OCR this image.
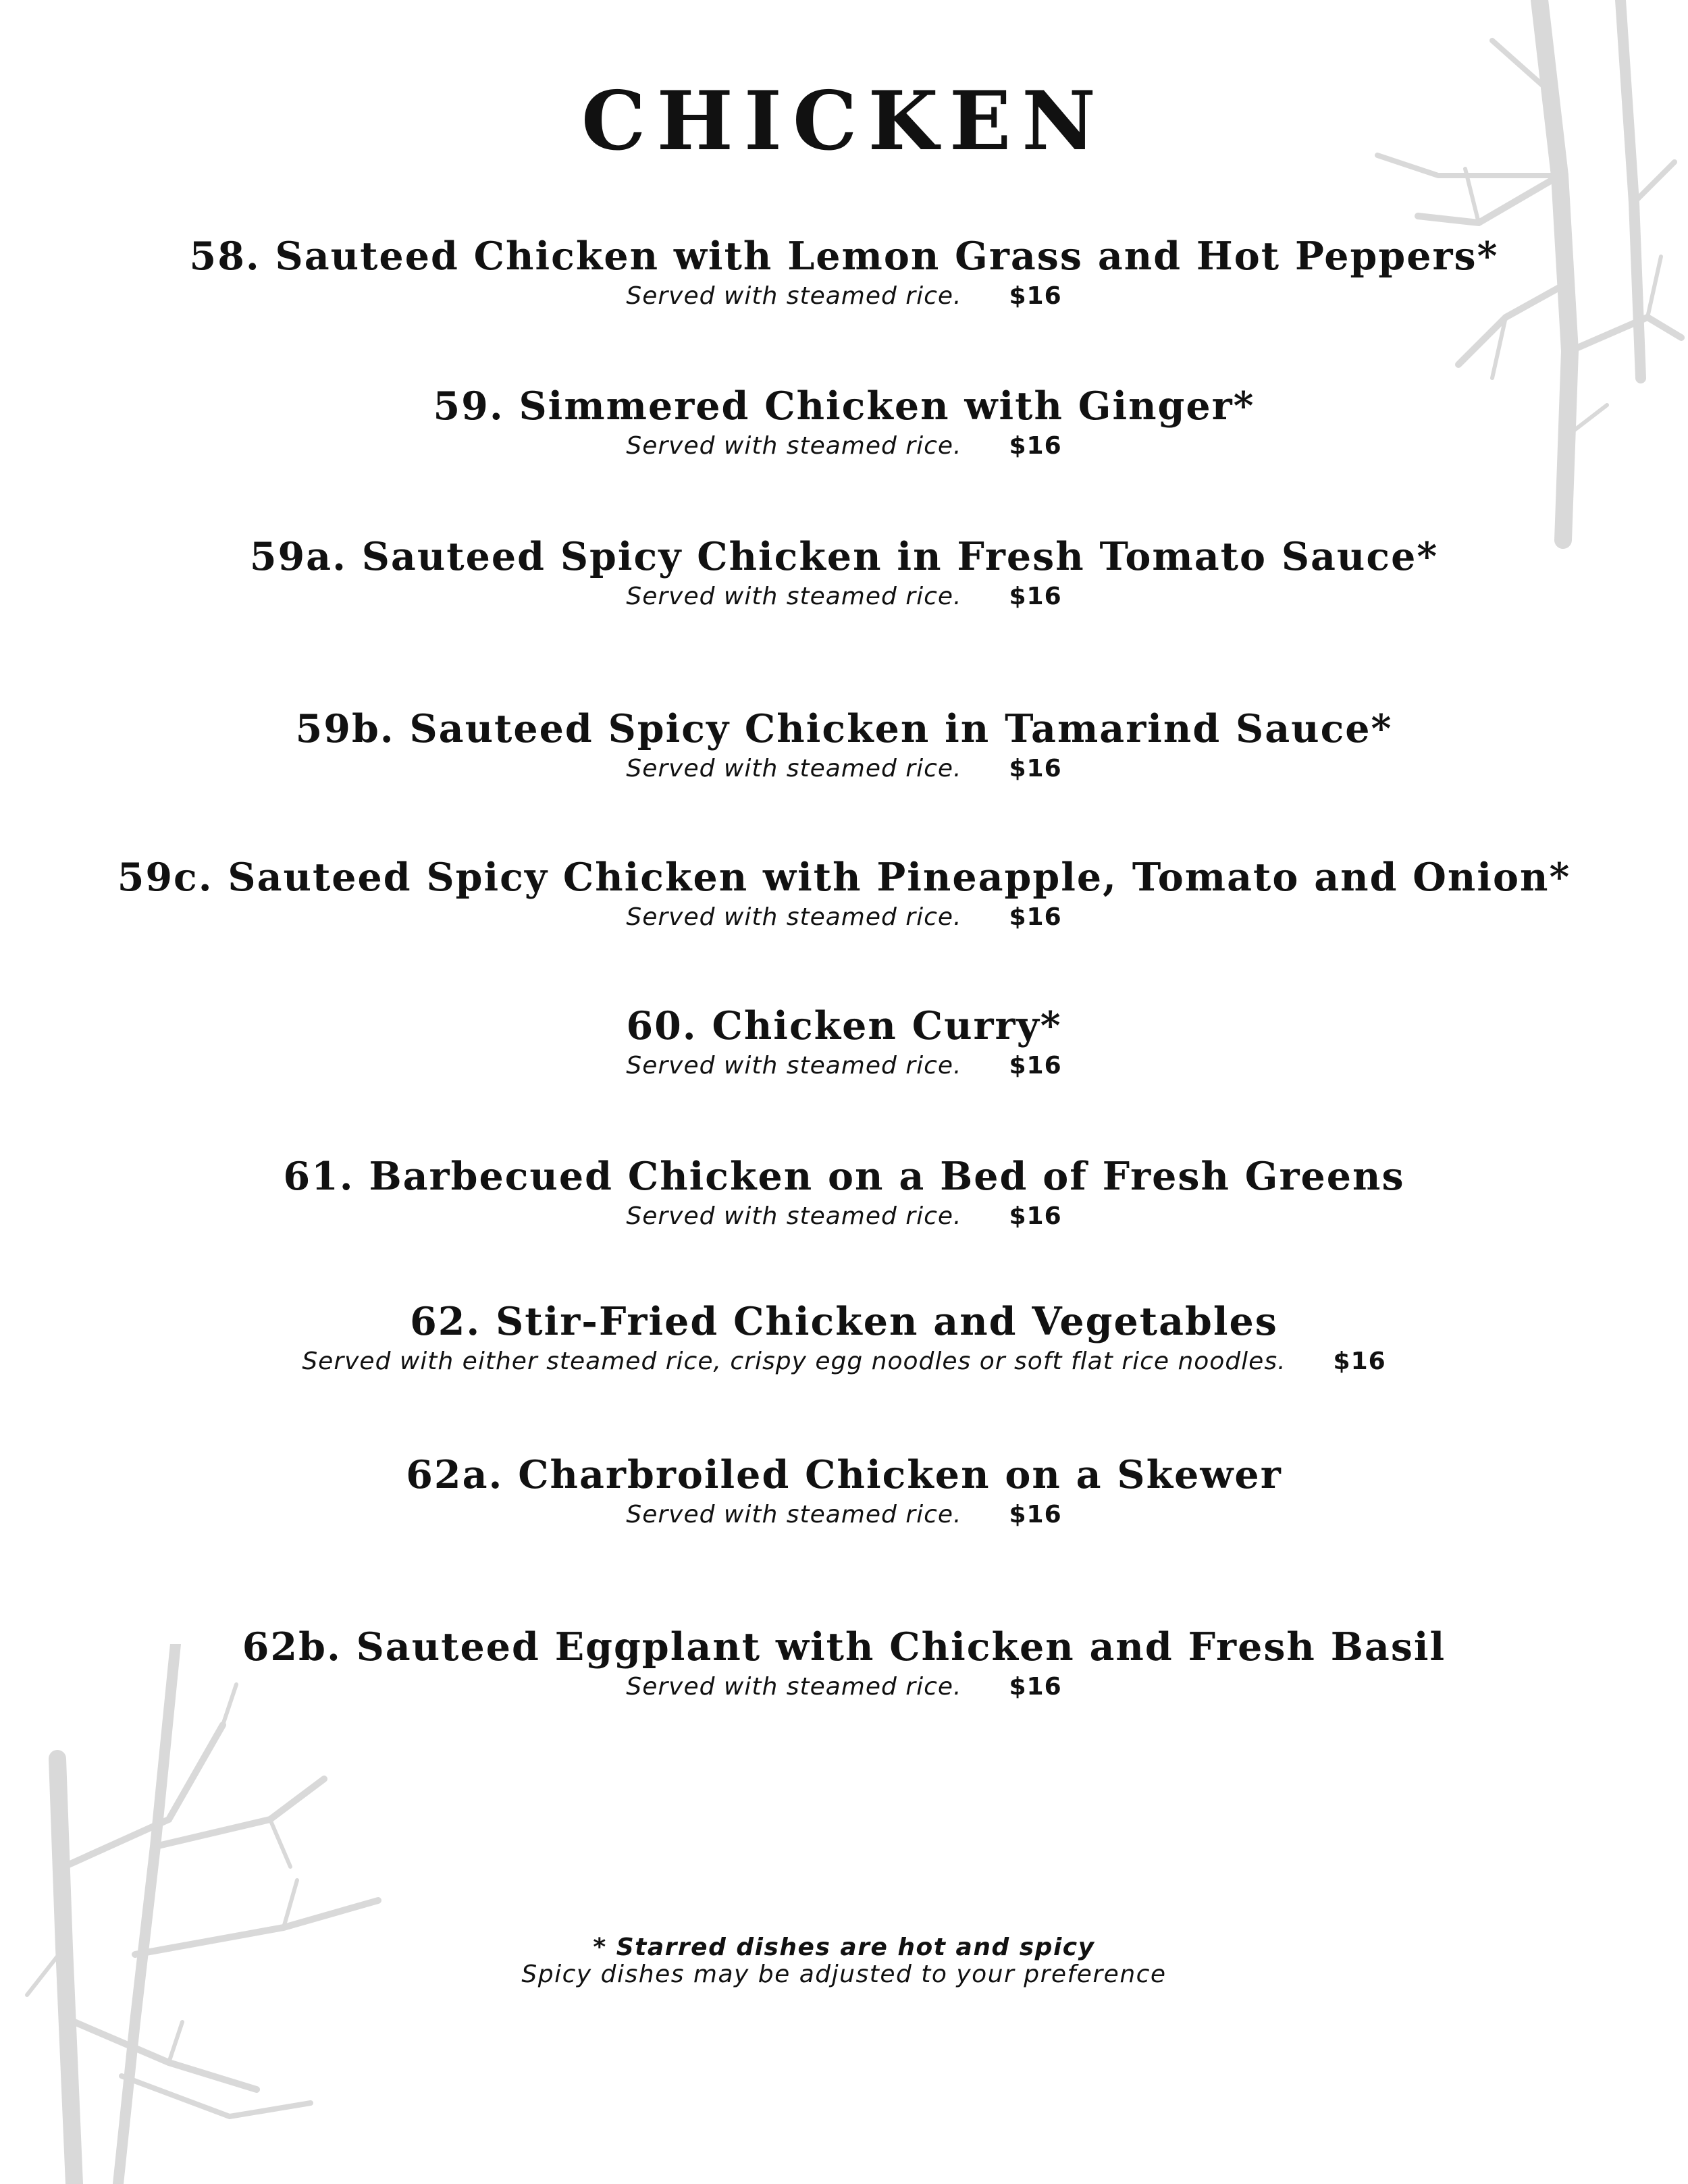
CHICKEN
58. Sauteed Chicken with Lemon Grass and Hot Peppers*
Served with steamed rice. $16
59. Simmered Chicken with Ginger*
Served with steamed rice. $16
59a. Sauteed Spicy Chicken in Fresh Tomato Sauce*
Served with steamed rice. $16
59b. Sauteed Spicy Chicken in Tamarind Sauce*
Served with steamed rice. $16
59c. Sauteed Spicy Chicken with Pineapple, Tomato and Onion*
Served with steamed rice. $16
60. Chicken Curry*
Served with steamed rice. $16
61. Barbecued Chicken on a Bed of Fresh Greens
Served with steamed rice. $16
62. Stir-Fried Chicken and Vegetables
Served with either steamed rice, crispy egg noodles or soft flat rice noodles. $16
62a. Charbroiled Chicken on a Skewer
Served with steamed rice. $16
62b. Sauteed Eggplant with Chicken and Fresh Basil
Served with steamed rice. $16
* Starred dishes are hot and spicy
Spicy dishes may be adjusted to your preference
